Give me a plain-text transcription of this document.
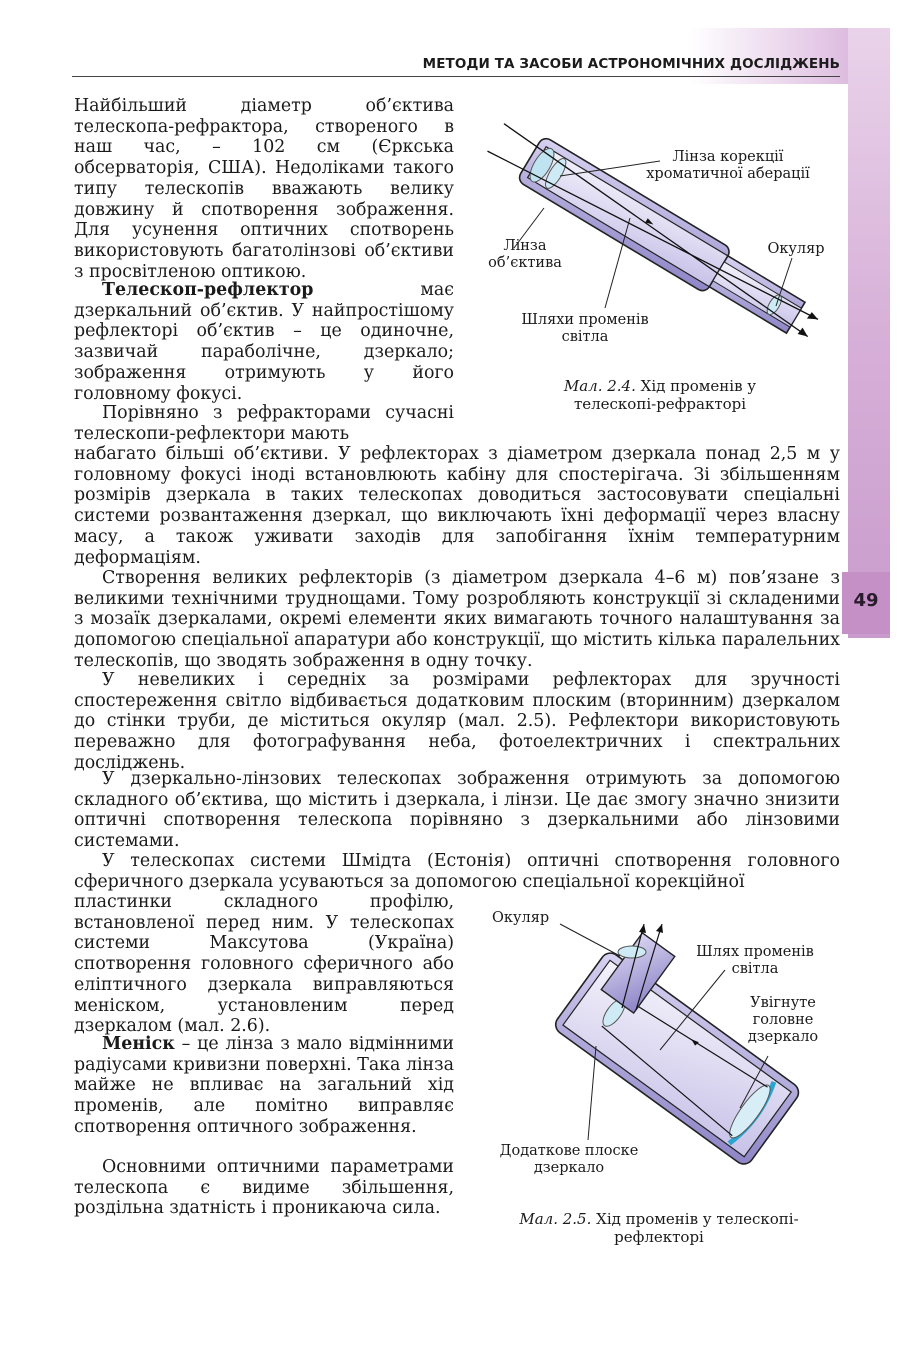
49
МЕТОДИ ТА ЗАСОБИ АСТРОНОМІЧНИХ ДОСЛІДЖЕНЬ

Найбільший діаметр об’єктива телескопа-рефрактора, створеного в наш час, – 102 см (Єркська обсерваторія, США). Недоліками такого типу телескопів вважають велику довжину й спотворення зображення. Для усунення оптичних спотворень використовують багатолінзові об’єктиви з просвітленою оптикою.

Телескоп-рефлектор має дзеркальний об’єктив. У найпростішому рефлекторі об’єктив – це одиночне, зазвичай параболічне, дзеркало; зображення отримують у його головному фокусі.

Порівняно з рефракторами сучасні телескопи-рефлектори мають

набагато більші об’єктиви. У рефлекторах з діаметром дзеркала понад 2,5 м у головному фокусі іноді встановлюють кабіну для спостерігача. Зі збільшенням розмірів дзеркала в таких телескопах доводиться застосовувати спеціальні системи розвантаження дзеркал, що виключають їхні деформації через власну масу, а також уживати заходів для запобігання їхнім температурним деформаціям.

Створення великих рефлекторів (з діаметром дзеркала 4–6 м) пов’язане з великими технічними труднощами. Тому розробляють конструкції зі складеними з мозаїк дзеркалами, окремі елементи яких вимагають точного налаштування за допомогою спеціальної апаратури або конструкції, що містить кілька паралельних телескопів, що зводять зображення в одну точку.

У невеликих і середніх за розмірами рефлекторах для зручності спостереження світло відбивається додатковим плоским (вторинним) дзеркалом до стінки труби, де міститься окуляр (мал. 2.5). Рефлектори використовують переважно для фотографування неба, фотоелектричних і спектральних досліджень.

У дзеркально-лінзових телескопах зображення отримують за допомогою складного об’єктива, що містить і дзеркала, і лінзи. Це дає змогу значно знизити оптичні спотворення телескопа порівняно з дзеркальними або лінзовими системами.

У телескопах системи Шмідта (Естонія) оптичні спотворення головного сферичного дзеркала усуваються за допомогою спеціальної корекційної

пластинки складного профілю, встановленої перед ним. У телескопах системи Максутова (Україна) спотворення головного сферичного або еліптичного дзеркала виправляються меніском, установленим перед дзеркалом (мал. 2.6).

Меніск – це лінза з мало відмінними радіусами кривизни поверхні. Така лінза майже не впливає на загальний хід променів, але помітно виправляє спотворення оптичного зображення.

Основними оптичними параметрами телескопа є видиме збільшення, роздільна здатність і проникаюча сила.

Лінза корекції хроматичної аберації
Лінза об’єктива
Окуляр
Шляхи променів світла
Мал. 2.4. Хід променів у телескопі-рефракторі
Окуляр
Шлях променів світла
Увігнуте головне дзеркало
Додаткове плоске дзеркало
Мал. 2.5. Хід променів у телескопі-рефлекторі
